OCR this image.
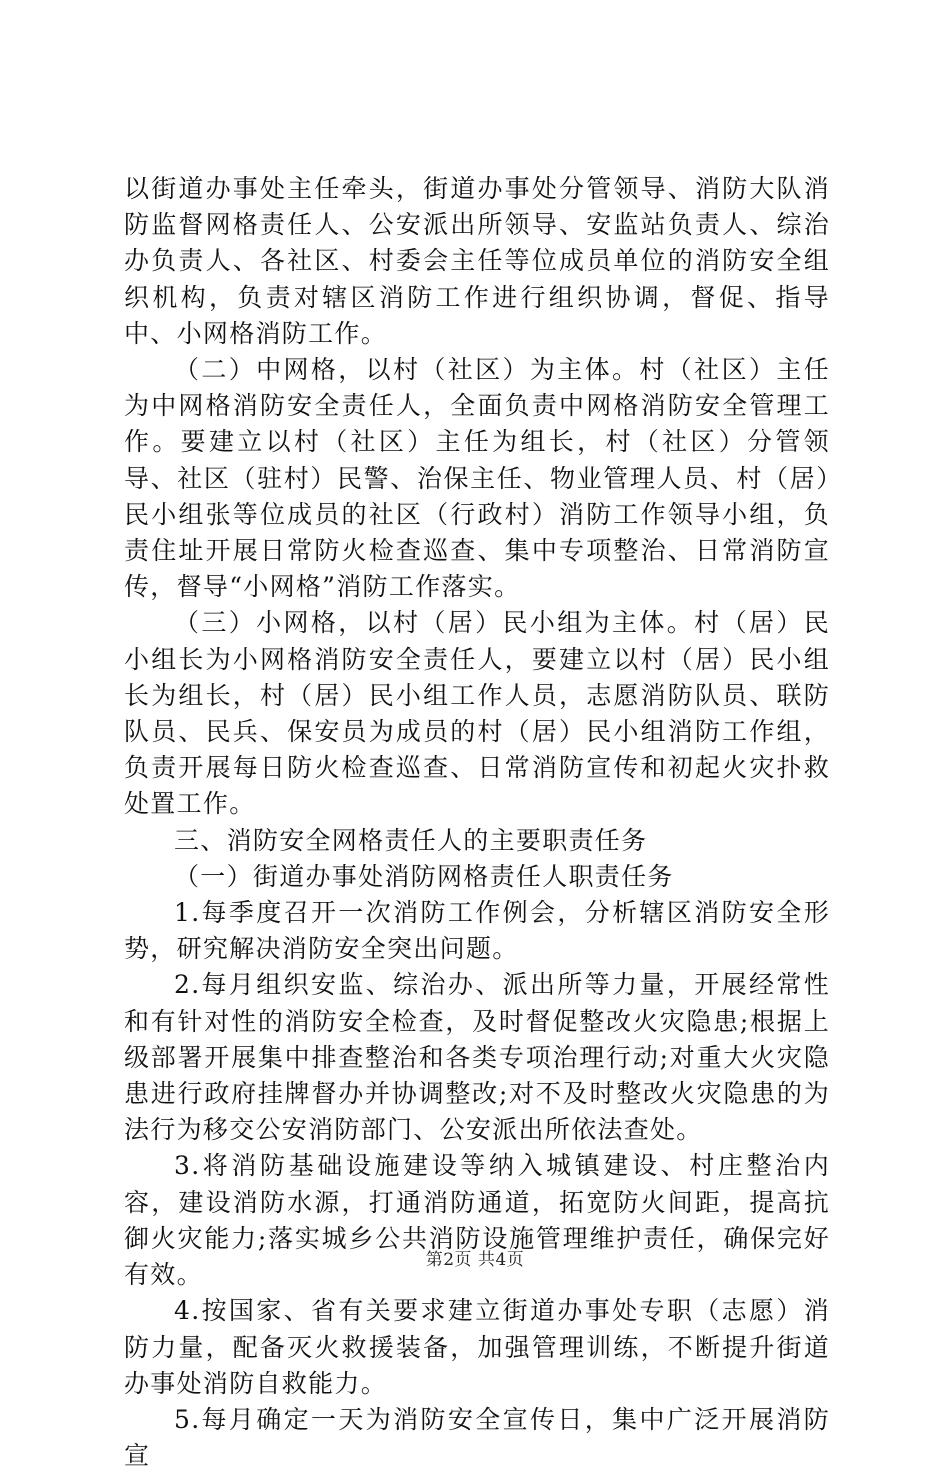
以街道办事处主任牵头，街道办事处分管领导、消防大队消防监督网格责任人、公安派出所领导、安监站负责人、综治办负责人、各社区、村委会主任等位成员单位的消防安全组织机构，负责对辖区消防工作进行组织协调，督促、指导中、小网格消防工作。

（二）中网格，以村（社区）为主体。村（社区）主任为中网格消防安全责任人，全面负责中网格消防安全管理工作。要建立以村（社区）主任为组长，村（社区）分管领导、社区（驻村）民警、治保主任、物业管理人员、村（居）民小组张等位成员的社区（行政村）消防工作领导小组，负责住址开展日常防火检查巡查、集中专项整治、日常消防宣传，督导“小网格”消防工作落实。

（三）小网格，以村（居）民小组为主体。村（居）民小组长为小网格消防安全责任人，要建立以村（居）民小组长为组长，村（居）民小组工作人员，志愿消防队员、联防队员、民兵、保安员为成员的村（居）民小组消防工作组，负责开展每日防火检查巡查、日常消防宣传和初起火灾扑救处置工作。

三、消防安全网格责任人的主要职责任务

（一）街道办事处消防网格责任人职责任务

1.每季度召开一次消防工作例会，分析辖区消防安全形势，研究解决消防安全突出问题。

2.每月组织安监、综治办、派出所等力量，开展经常性和有针对性的消防安全检查，及时督促整改火灾隐患;根据上级部署开展集中排查整治和各类专项治理行动;对重大火灾隐患进行政府挂牌督办并协调整改;对不及时整改火灾隐患的为法行为移交公安消防部门、公安派出所依法查处。

3.将消防基础设施建设等纳入城镇建设、村庄整治内容，建设消防水源，打通消防通道，拓宽防火间距，提高抗御火灾能力;落实城乡公共消防设施管理维护责任，确保完好有效。

4.按国家、省有关要求建立街道办事处专职（志愿）消防力量，配备灭火救援装备，加强管理训练，不断提升街道办事处消防自救能力。

5.每月确定一天为消防安全宣传日，集中广泛开展消防宣

第2页 共4页
